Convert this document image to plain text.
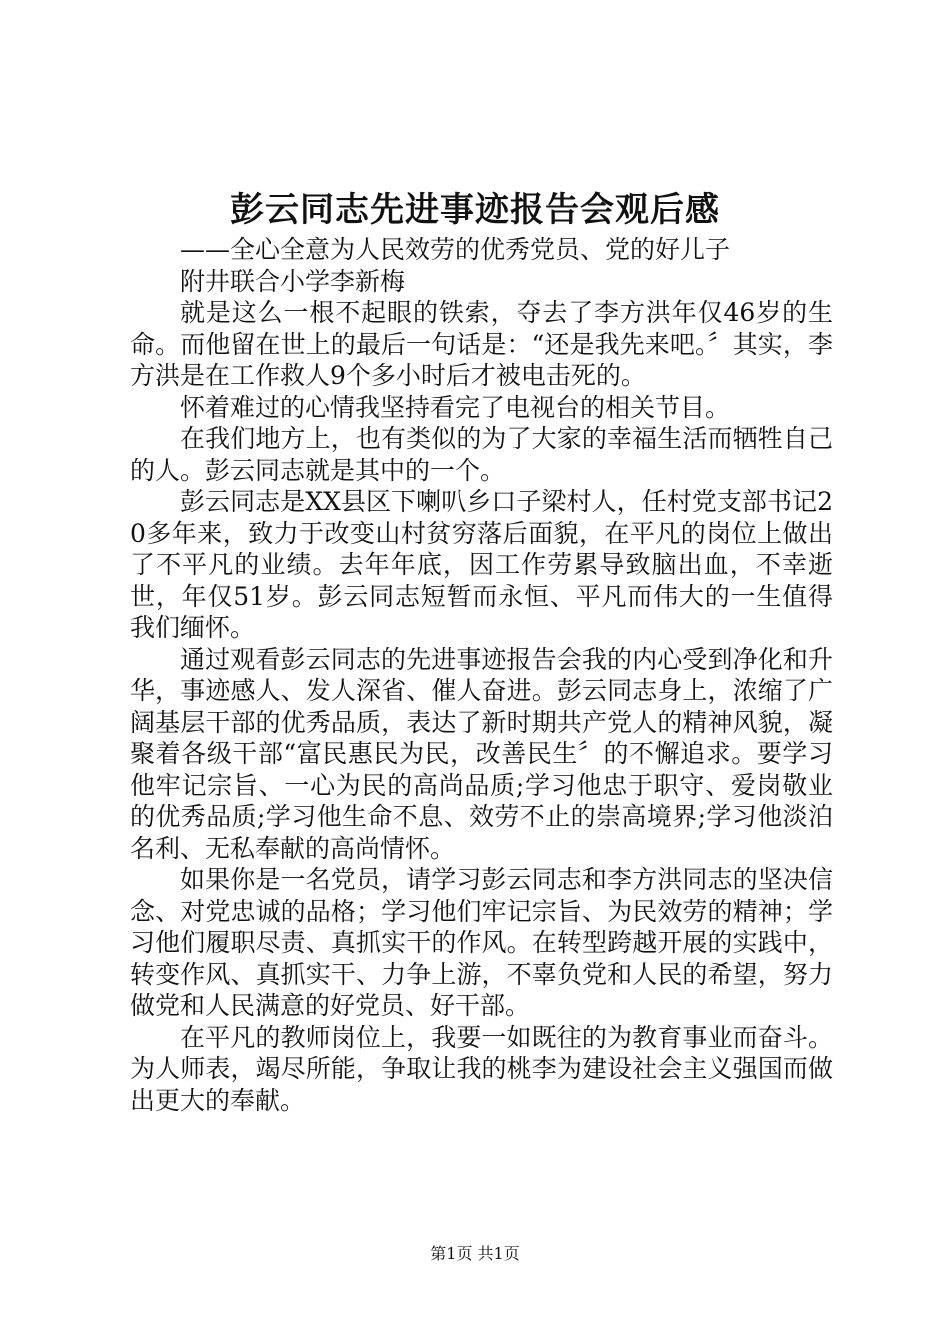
彭云同志先进事迹报告会观后感

——全心全意为人民效劳的优秀党员、党的好儿子

附井联合小学李新梅

就是这么一根不起眼的铁索，夺去了李方洪年仅46岁的生命。而他留在世上的最后一句话是：“还是我先来吧。〞其实，李方洪是在工作救人9个多小时后才被电击死的。

怀着难过的心情我坚持看完了电视台的相关节目。

在我们地方上，也有类似的为了大家的幸福生活而牺牲自己的人。彭云同志就是其中的一个。

彭云同志是XX县区下喇叭乡口子梁村人，任村党支部书记20多年来，致力于改变山村贫穷落后面貌，在平凡的岗位上做出了不平凡的业绩。去年年底，因工作劳累导致脑出血，不幸逝世，年仅51岁。彭云同志短暂而永恒、平凡而伟大的一生值得我们缅怀。

通过观看彭云同志的先进事迹报告会我的内心受到净化和升华，事迹感人、发人深省、催人奋进。彭云同志身上，浓缩了广阔基层干部的优秀品质，表达了新时期共产党人的精神风貌，凝聚着各级干部“富民惠民为民，改善民生〞的不懈追求。要学习他牢记宗旨、一心为民的高尚品质;学习他忠于职守、爱岗敬业的优秀品质;学习他生命不息、效劳不止的崇高境界;学习他淡泊名利、无私奉献的高尚情怀。

如果你是一名党员，请学习彭云同志和李方洪同志的坚决信念、对党忠诚的品格；学习他们牢记宗旨、为民效劳的精神；学习他们履职尽责、真抓实干的作风。在转型跨越开展的实践中，转变作风、真抓实干、力争上游，不辜负党和人民的希望，努力做党和人民满意的好党员、好干部。

在平凡的教师岗位上，我要一如既往的为教育事业而奋斗。为人师表，竭尽所能，争取让我的桃李为建设社会主义强国而做出更大的奉献。

第1页 共1页
